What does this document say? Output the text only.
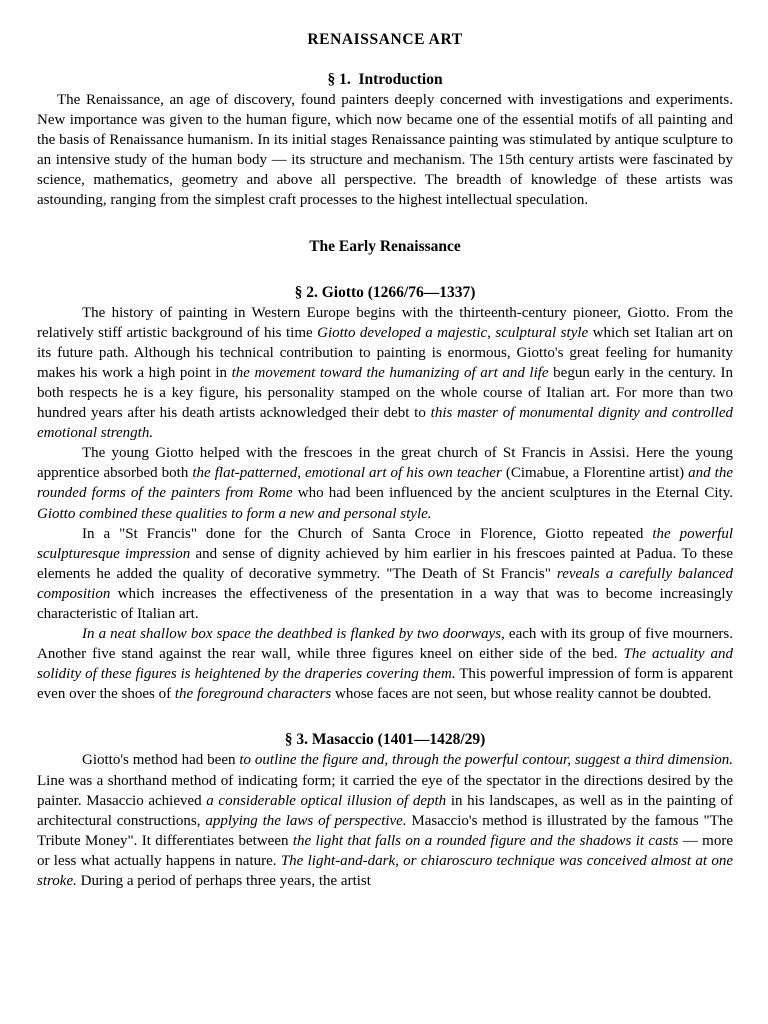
RENAISSANCE ART
§ 1.  Introduction

The Renaissance, an age of discovery, found painters deeply concerned with investigations and experiments. New importance was given to the human figure, which now became one of the essential motifs of all painting and the basis of Renaissance humanism. In its initial stages Renaissance painting was stimulated by antique sculpture to an intensive study of the human body — its structure and mechanism. The 15th century artists were fascinated by science, mathematics, geometry and above all perspective. The breadth of knowledge of these artists was astounding, ranging from the simplest craft processes to the highest intellectual speculation.

The Early Renaissance
§ 2. Giotto (1266/76—1337)

The history of painting in Western Europe begins with the thirteenth-century pioneer, Giotto. From the relatively stiff artistic background of his time Giotto developed a majestic, sculptural style which set Italian art on its future path. Although his technical contribution to painting is enormous, Giotto's great feeling for humanity makes his work a high point in the movement toward the humanizing of art and life begun early in the century. In both respects he is a key figure, his personality stamped on the whole course of Italian art. For more than two hundred years after his death artists acknowledged their debt to this master of monumental dignity and controlled emotional strength.

The young Giotto helped with the frescoes in the great church of St Francis in Assisi. Here the young apprentice absorbed both the flat-patterned, emotional art of his own teacher (Cimabue, a Florentine artist) and the rounded forms of the painters from Rome who had been influenced by the ancient sculptures in the Eternal City. Giotto combined these qualities to form a new and personal style.

In a "St Francis" done for the Church of Santa Croce in Florence, Giotto repeated the powerful sculpturesque impression and sense of dignity achieved by him earlier in his frescoes painted at Padua. To these elements he added the quality of decorative symmetry. "The Death of St Francis" reveals a carefully balanced composition which increases the effectiveness of the presentation in a way that was to become increasingly characteristic of Italian art.

In a neat shallow box space the deathbed is flanked by two doorways, each with its group of five mourners. Another five stand against the rear wall, while three figures kneel on either side of the bed. The actuality and solidity of these figures is heightened by the draperies covering them. This powerful impression of form is apparent even over the shoes of the foreground characters whose faces are not seen, but whose reality cannot be doubted.

§ 3. Masaccio (1401—1428/29)

Giotto's method had been to outline the figure and, through the powerful contour, suggest a third dimension. Line was a shorthand method of indicating form; it carried the eye of the spectator in the directions desired by the painter. Masaccio achieved a considerable optical illusion of depth in his landscapes, as well as in the painting of architectural constructions, applying the laws of perspective. Masaccio's method is illustrated by the famous "The Tribute Money". It differentiates between the light that falls on a rounded figure and the shadows it casts — more or less what actually happens in nature. The light-and-dark, or chiaroscuro technique was conceived almost at one stroke. During a period of perhaps three years, the artist
